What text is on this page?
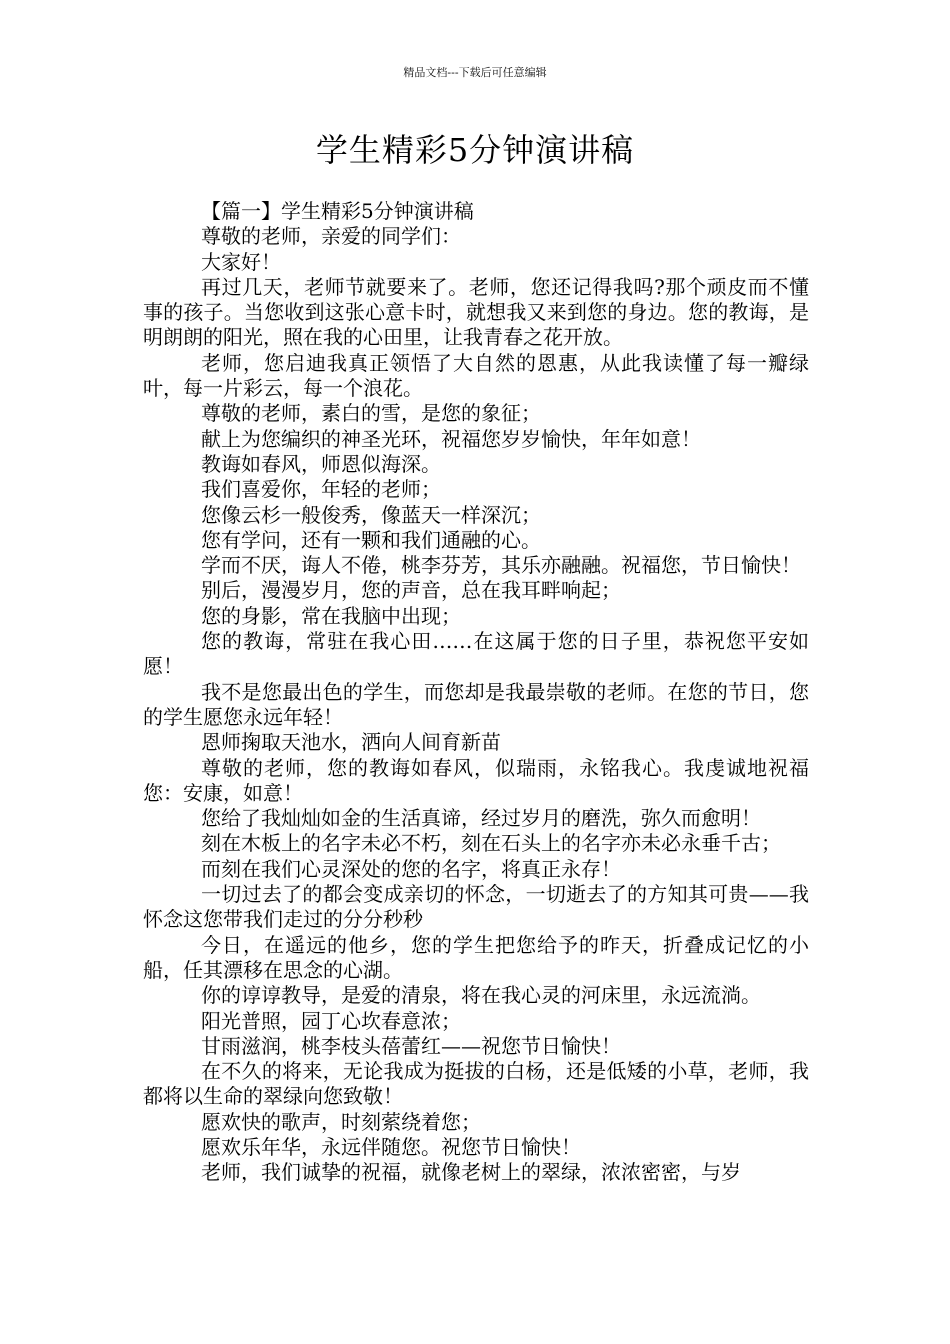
精品文档---下载后可任意编辑
学生精彩5分钟演讲稿

【篇一】学生精彩5分钟演讲稿

尊敬的老师，亲爱的同学们：

大家好！

再过几天，老师节就要来了。老师，您还记得我吗?那个顽皮而不懂事的孩子。当您收到这张心意卡时，就想我又来到您的身边。您的教诲，是明朗朗的阳光，照在我的心田里，让我青春之花开放。

老师，您启迪我真正领悟了大自然的恩惠，从此我读懂了每一瓣绿叶，每一片彩云，每一个浪花。

尊敬的老师，素白的雪，是您的象征；

献上为您编织的神圣光环，祝福您岁岁愉快，年年如意！

教诲如春风，师恩似海深。

我们喜爱你，年轻的老师；

您像云杉一般俊秀，像蓝天一样深沉；

您有学问，还有一颗和我们通融的心。

学而不厌，诲人不倦，桃李芬芳，其乐亦融融。祝福您，节日愉快！

别后，漫漫岁月，您的声音，总在我耳畔响起；

您的身影，常在我脑中出现；

您的教诲，常驻在我心田……在这属于您的日子里，恭祝您平安如愿！

我不是您最出色的学生，而您却是我最崇敬的老师。在您的节日，您的学生愿您永远年轻！

恩师掬取天池水，洒向人间育新苗

尊敬的老师，您的教诲如春风，似瑞雨，永铭我心。我虔诚地祝福您：安康，如意！

您给了我灿灿如金的生活真谛，经过岁月的磨洗，弥久而愈明！

刻在木板上的名字未必不朽，刻在石头上的名字亦未必永垂千古；

而刻在我们心灵深处的您的名字，将真正永存！

一切过去了的都会变成亲切的怀念，一切逝去了的方知其可贵——我怀念这您带我们走过的分分秒秒

今日，在遥远的他乡，您的学生把您给予的昨天，折叠成记忆的小船，任其漂移在思念的心湖。

你的谆谆教导，是爱的清泉，将在我心灵的河床里，永远流淌。

阳光普照，园丁心坎春意浓；

甘雨滋润，桃李枝头蓓蕾红——祝您节日愉快！

在不久的将来，无论我成为挺拔的白杨，还是低矮的小草，老师，我都将以生命的翠绿向您致敬！

愿欢快的歌声，时刻萦绕着您；

愿欢乐年华，永远伴随您。祝您节日愉快！

老师，我们诚挚的祝福，就像老树上的翠绿，浓浓密密，与岁
